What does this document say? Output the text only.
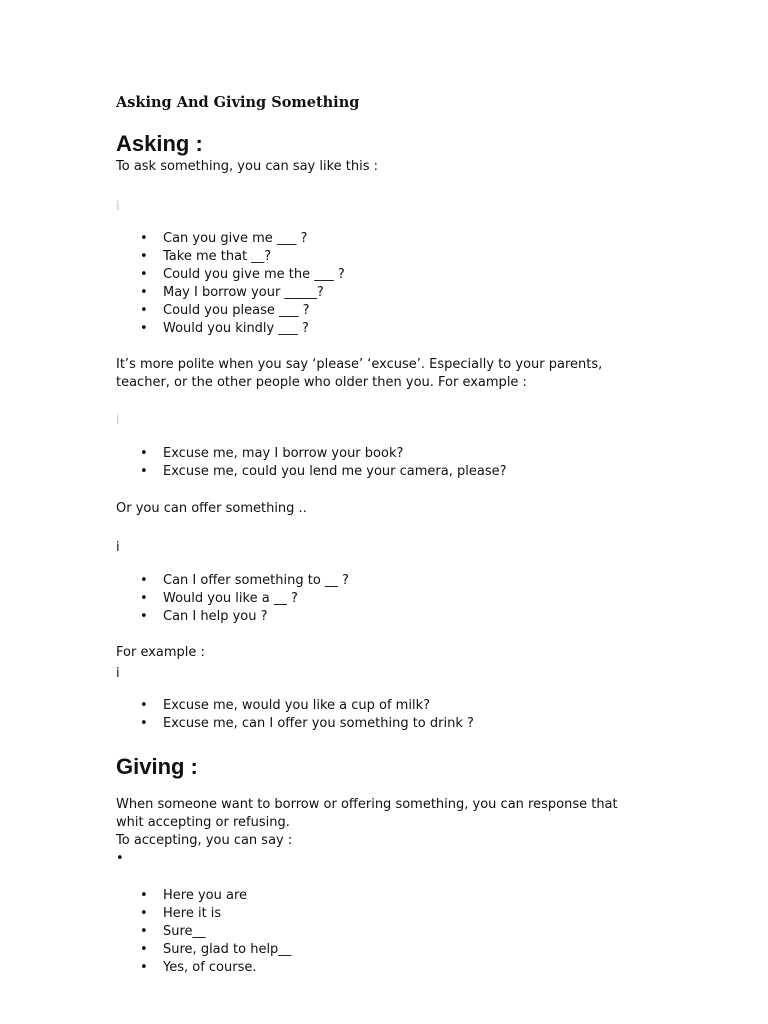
Asking And Giving Something
Asking :
To ask something, you can say like this :
i
• Can you give me ___ ?
• Take me that __?
• Could you give me the ___ ?
• May I borrow your _____?
• Could you please ___ ?
• Would you kindly ___ ?
It’s more polite when you say ‘please’ ‘excuse’. Especially to your parents,
teacher, or the other people who older then you. For example :
i
• Excuse me, may I borrow your book?
• Excuse me, could you lend me your camera, please?
Or you can offer something ..
i
• Can I offer something to __ ?
• Would you like a __ ?
• Can I help you ?
For example :
i
• Excuse me, would you like a cup of milk?
• Excuse me, can I offer you something to drink ?
Giving :
When someone want to borrow or offering something, you can response that
whit accepting or refusing.
To accepting, you can say :
•
• Here you are
• Here it is
• Sure__
• Sure, glad to help__
• Yes, of course.
